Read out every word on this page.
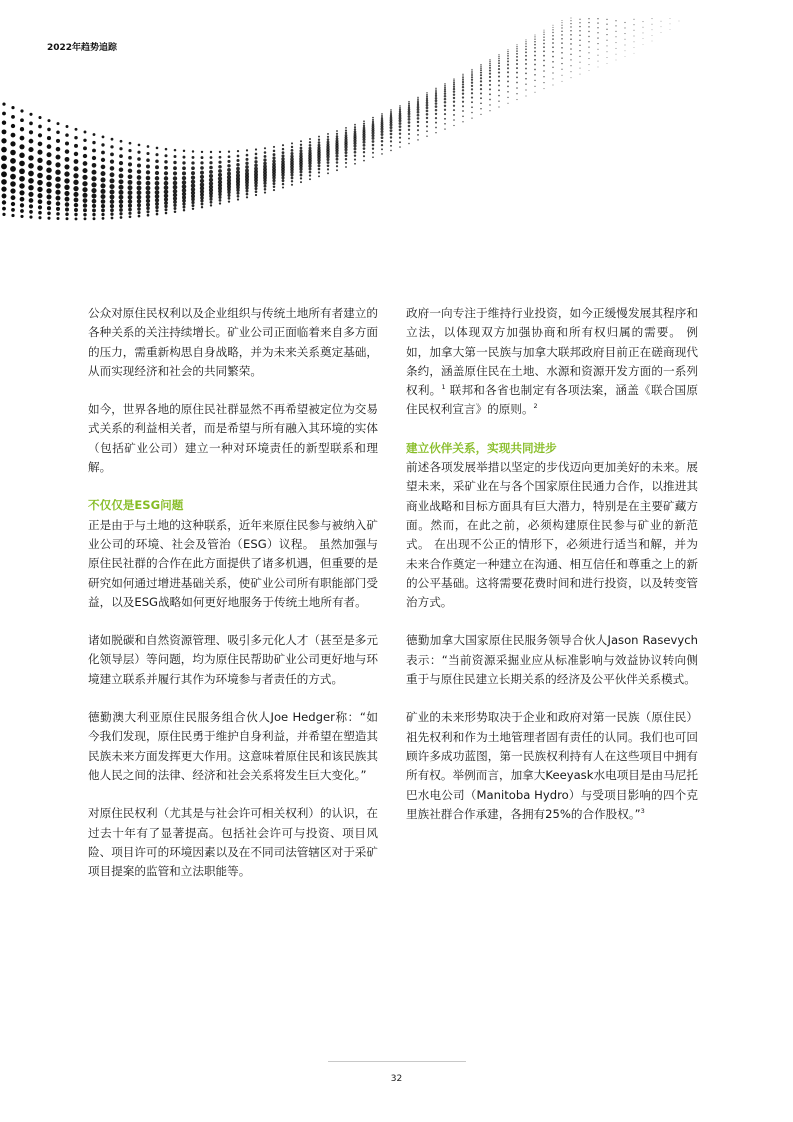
2022年趋势追踪

公众对原住民权利以及企业组织与传统土地所有者建立的各种关系的关注持续增长。矿业公司正面临着来自多方面的压力，需重新构思自身战略，并为未来关系奠定基础，从而实现经济和社会的共同繁荣。

如今，世界各地的原住民社群显然不再希望被定位为交易式关系的利益相关者，而是希望与所有融入其环境的实体（包括矿业公司）建立一种对环境责任的新型联系和理解。

不仅仅是ESG问题

正是由于与土地的这种联系，近年来原住民参与被纳入矿业公司的环境、社会及管治（ESG）议程。 虽然加强与原住民社群的合作在此方面提供了诸多机遇，但重要的是研究如何通过增进基础关系，使矿业公司所有职能部门受益，以及ESG战略如何更好地服务于传统土地所有者。

诸如脱碳和自然资源管理、吸引多元化人才（甚至是多元化领导层）等问题，均为原住民帮助矿业公司更好地与环境建立联系并履行其作为环境参与者责任的方式。

德勤澳大利亚原住民服务组合伙人Joe Hedger称：“如今我们发现，原住民勇于维护自身利益，并希望在塑造其民族未来方面发挥更大作用。这意味着原住民和该民族其他人民之间的法律、经济和社会关系将发生巨大变化。”

对原住民权利（尤其是与社会许可相关权利）的认识，在过去十年有了显著提高。包括社会许可与投资、项目风险、项目许可的环境因素以及在不同司法管辖区对于采矿项目提案的监管和立法职能等。

政府一向专注于维持行业投资，如今正缓慢发展其程序和立法，以体现双方加强协商和所有权归属的需要。 例如，加拿大第一民族与加拿大联邦政府目前正在磋商现代条约，涵盖原住民在土地、水源和资源开发方面的一系列权利。$^1$ 联邦和各省也制定有各项法案，涵盖《联合国原住民权利宣言》的原则。$^2$

建立伙伴关系，实现共同进步

前述各项发展举措以坚定的步伐迈向更加美好的未来。展望未来，采矿业在与各个国家原住民通力合作，以推进其商业战略和目标方面具有巨大潜力，特别是在主要矿藏方面。然而，在此之前，必须构建原住民参与矿业的新范式。 在出现不公正的情形下，必须进行适当和解，并为未来合作奠定一种建立在沟通、相互信任和尊重之上的新的公平基础。这将需要花费时间和进行投资，以及转变管治方式。

德勤加拿大国家原住民服务领导合伙人Jason Rasevych表示：“当前资源采掘业应从标准影响与效益协议转向侧重于与原住民建立长期关系的经济及公平伙伴关系模式。

矿业的未来形势取决于企业和政府对第一民族（原住民）祖先权利和作为土地管理者固有责任的认同。我们也可回顾许多成功蓝图，第一民族权利持有人在这些项目中拥有所有权。举例而言，加拿大Keeyask水电项目是由马尼托巴水电公司（Manitoba Hydro）与受项目影响的四个克里族社群合作承建，各拥有25%的合作股权。”$^3$

32
